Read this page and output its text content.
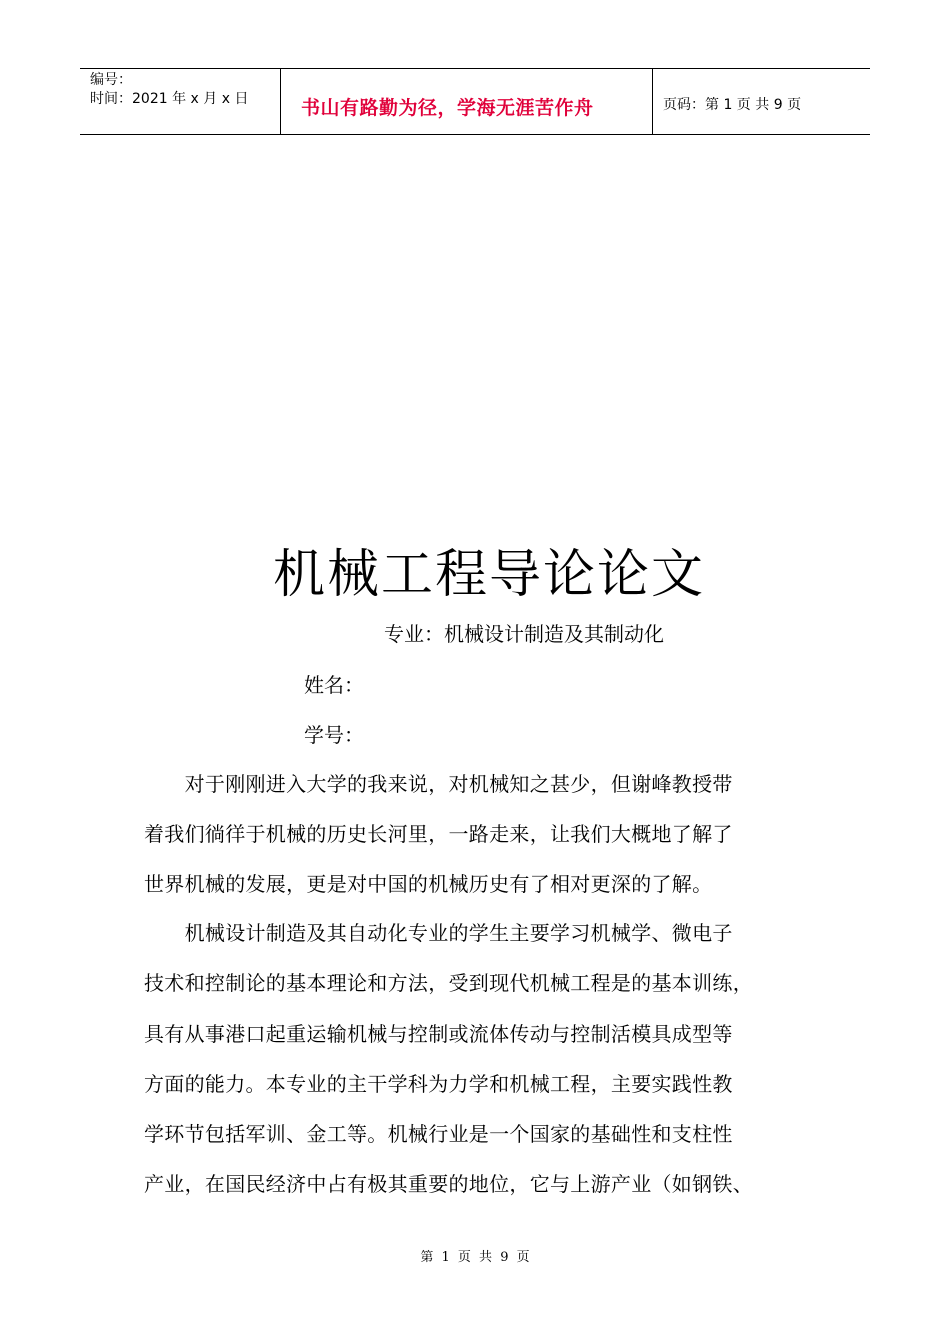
编号：
时间：2021 年 x 月 x 日	书山有路勤为径，学海无涯苦作舟	页码：第 1 页 共 9 页
机械工程导论论文
专业：机械设计制造及其制动化
姓名：
学号：
　　对于刚刚进入大学的我来说，对机械知之甚少，但谢峰教授带
着我们徜徉于机械的历史长河里，一路走来，让我们大概地了解了
世界机械的发展，更是对中国的机械历史有了相对更深的了解。
　　机械设计制造及其自动化专业的学生主要学习机械学、微电子
技术和控制论的基本理论和方法，受到现代机械工程是的基本训练，
具有从事港口起重运输机械与控制或流体传动与控制活模具成型等
方面的能力。本专业的主干学科为力学和机械工程，主要实践性教
学环节包括军训、金工等。机械行业是一个国家的基础性和支柱性
产业，在国民经济中占有极其重要的地位，它与上游产业（如钢铁、
第 1 页 共 9 页
